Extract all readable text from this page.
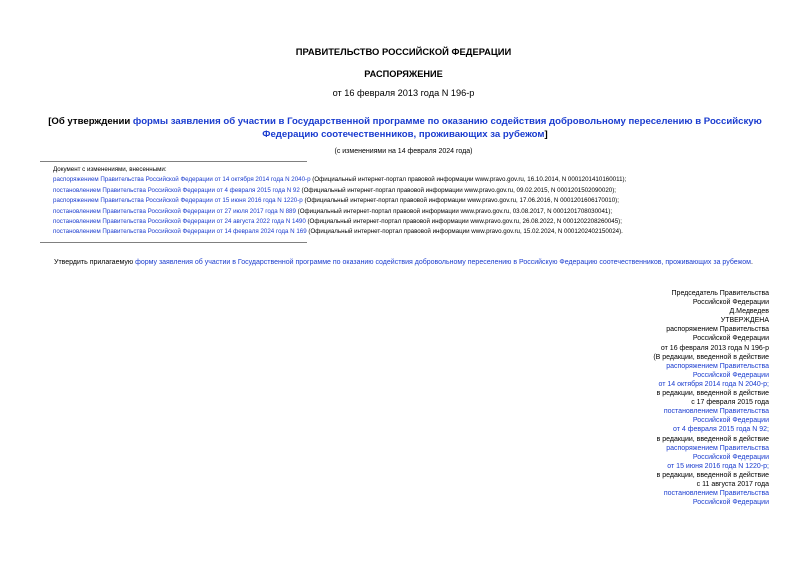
ПРАВИТЕЛЬСТВО РОССИЙСКОЙ ФЕДЕРАЦИИ
РАСПОРЯЖЕНИЕ
от 16 февраля 2013 года N 196-р
[Об утверждении формы заявления об участии в Государственной программе по оказанию содействия добровольному переселению в Российскую Федерацию соотечественников, проживающих за рубежом]
(с изменениями на 14 февраля 2024 года)
Документ с изменениями, внесенными:
распоряжением Правительства Российской Федерации от 14 октября 2014 года N 2040-р (Официальный интернет-портал правовой информации www.pravo.gov.ru, 16.10.2014, N 0001201410160011);
постановлением Правительства Российской Федерации от 4 февраля 2015 года N 92 (Официальный интернет-портал правовой информации www.pravo.gov.ru, 09.02.2015, N 0001201502090020);
распоряжением Правительства Российской Федерации от 15 июня 2016 года N 1220-р (Официальный интернет-портал правовой информации www.pravo.gov.ru, 17.06.2016, N 0001201606170010);
постановлением Правительства Российской Федерации от 27 июля 2017 года N 889 (Официальный интернет-портал правовой информации www.pravo.gov.ru, 03.08.2017, N 0001201708030041);
постановлением Правительства Российской Федерации от 24 августа 2022 года N 1490 (Официальный интернет-портал правовой информации www.pravo.gov.ru, 26.08.2022, N 0001202208260045);
постановлением Правительства Российской Федерации от 14 февраля 2024 года N 169 (Официальный интернет-портал правовой информации www.pravo.gov.ru, 15.02.2024, N 0001202402150024).
Утвердить прилагаемую форму заявления об участии в Государственной программе по оказанию содействия добровольному переселению в Российскую Федерацию соотечественников, проживающих за рубежом.
Председатель Правительства
Российской Федерации
Д.Медведев
УТВЕРЖДЕНА
распоряжением Правительства
Российской Федерации
от 16 февраля 2013 года N 196-р
(В редакции, введенной в действие
распоряжением Правительства
Российской Федерации
от 14 октября 2014 года N 2040-р;
в редакции, введенной в действие
с 17 февраля 2015 года
постановлением Правительства
Российской Федерации
от 4 февраля 2015 года N 92;
в редакции, введенной в действие
распоряжением Правительства
Российской Федерации
от 15 июня 2016 года N 1220-р;
в редакции, введенной в действие
с 11 августа 2017 года
постановлением Правительства
Российской Федерации
